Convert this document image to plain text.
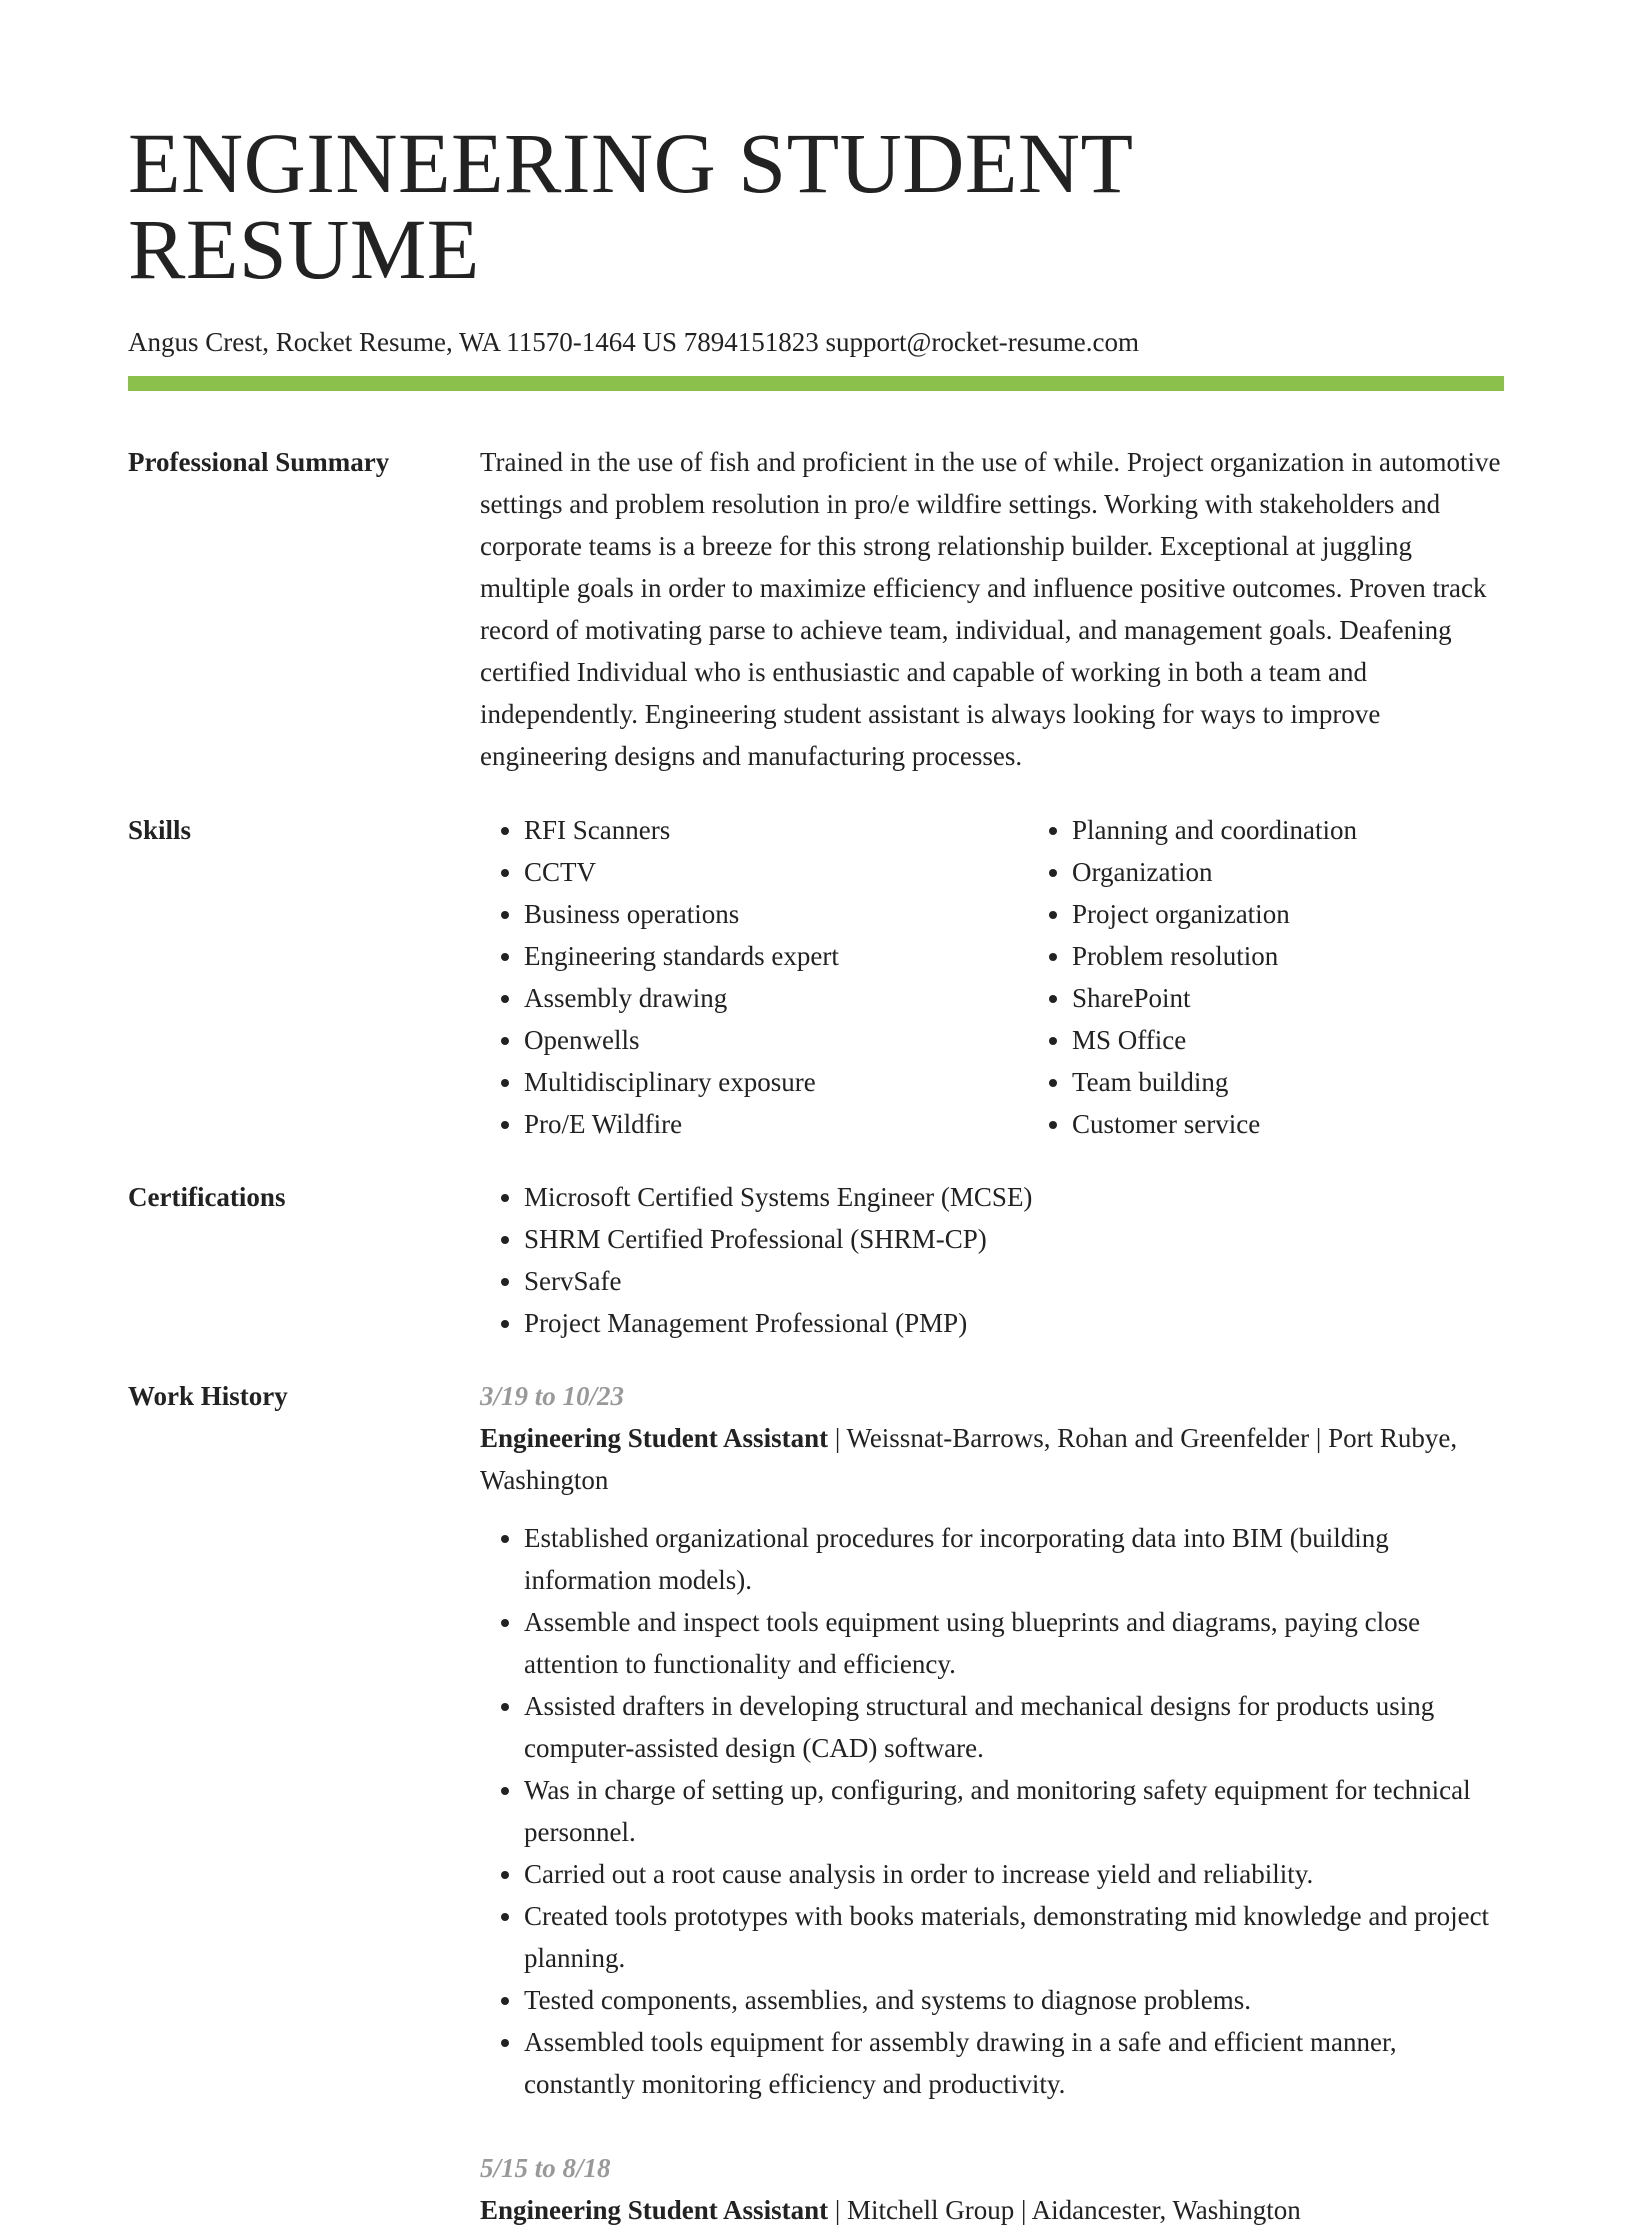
ENGINEERING STUDENT RESUME
Angus Crest, Rocket Resume, WA 11570-1464 US 7894151823 support@rocket-resume.com
Professional Summary	Trained in the use of fish and proficient in the use of while. Project organization in automotive settings and problem resolution in pro/e wildfire settings. Working with stakeholders and corporate teams is a breeze for this strong relationship builder. Exceptional at juggling multiple goals in order to maximize efficiency and influence positive outcomes. Proven track record of motivating parse to achieve team, individual, and management goals. Deafening certified Individual who is enthusiastic and capable of working in both a team and independently. Engineering student assistant is always looking for ways to improve engineering designs and manufacturing processes.
Skills	• RFI Scanners
• CCTV
• Business operations
• Engineering standards expert
• Assembly drawing
• Openwells
• Multidisciplinary exposure
• Pro/E Wildfire
• Planning and coordination
• Organization
• Project organization
• Problem resolution
• SharePoint
• MS Office
• Team building
• Customer service
Certifications	• Microsoft Certified Systems Engineer (MCSE)
• SHRM Certified Professional (SHRM-CP)
• ServSafe
• Project Management Professional (PMP)
Work History	3/19 to 10/23
Engineering Student Assistant | Weissnat-Barrows, Rohan and Greenfelder | Port Rubye, Washington
• Established organizational procedures for incorporating data into BIM (building information models).
• Assemble and inspect tools equipment using blueprints and diagrams, paying close attention to functionality and efficiency.
• Assisted drafters in developing structural and mechanical designs for products using computer-assisted design (CAD) software.
• Was in charge of setting up, configuring, and monitoring safety equipment for technical personnel.
• Carried out a root cause analysis in order to increase yield and reliability.
• Created tools prototypes with books materials, demonstrating mid knowledge and project planning.
• Tested components, assemblies, and systems to diagnose problems.
• Assembled tools equipment for assembly drawing in a safe and efficient manner, constantly monitoring efficiency and productivity.
5/15 to 8/18
Engineering Student Assistant | Mitchell Group | Aidancester, Washington
